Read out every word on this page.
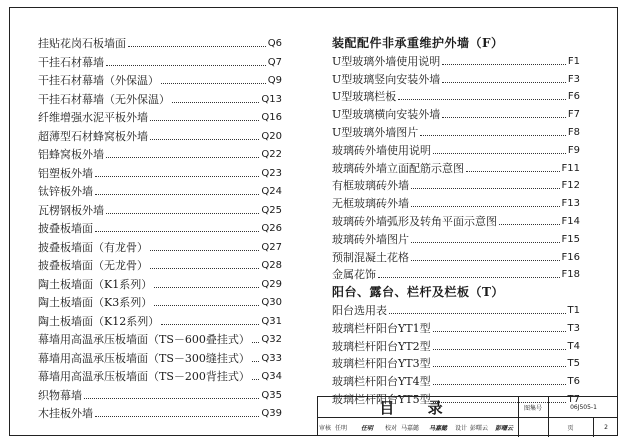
挂贴花岗石板墙面	Q6
干挂石材幕墙	Q7
干挂石材幕墙（外保温）	Q9
干挂石材幕墙（无外保温）	Q13
纤维增强水泥平板外墙	Q16
超薄型石材蜂窝板外墙	Q20
铝蜂窝板外墙	Q22
铝塑板外墙	Q23
钛锌板外墙	Q24
瓦楞钢板外墙	Q25
披叠板墙面	Q26
披叠板墙面（有龙骨）	Q27
披叠板墙面（无龙骨）	Q28
陶土板墙面（K1系列）	Q29
陶土板墙面（K3系列）	Q30
陶土板墙面（K12系列）	Q31
幕墙用高温承压板墙面（TS－600叠挂式） Q32
幕墙用高温承压板墙面（TS－300缝挂式） Q33
幕墙用高温承压板墙面（TS－200背挂式） Q34
织物幕墙	Q35
木挂板外墙	Q39
装配配件非承重维护外墙（F）
U型玻璃外墙使用说明	F1
U型玻璃竖向安装外墙	F3
U型玻璃栏板	F6
U型玻璃横向安装外墙	F7
U型玻璃外墙图片	F8
玻璃砖外墙使用说明	F9
玻璃砖外墙立面配筋示意图	F11
有框玻璃砖外墙	F12
无框玻璃砖外墙	F13
玻璃砖外墙弧形及转角平面示意图	F14
玻璃砖外墙图片	F15
预制混凝土花格	F16
金属花饰	F18
阳台、露台、栏杆及栏板（T）
阳台选用表	T1
玻璃栏杆阳台YT1型	T3
玻璃栏杆阳台YT2型	T4
玻璃栏杆阳台YT3型	T5
玻璃栏杆阳台YT4型	T6
玻璃栏杆阳台YT5型	T7
目 录	图集号	06J505-1
审核 任明	任明	校对 马嘉懿	马嘉懿	设计 彭曙云	彭曙云	页	2
